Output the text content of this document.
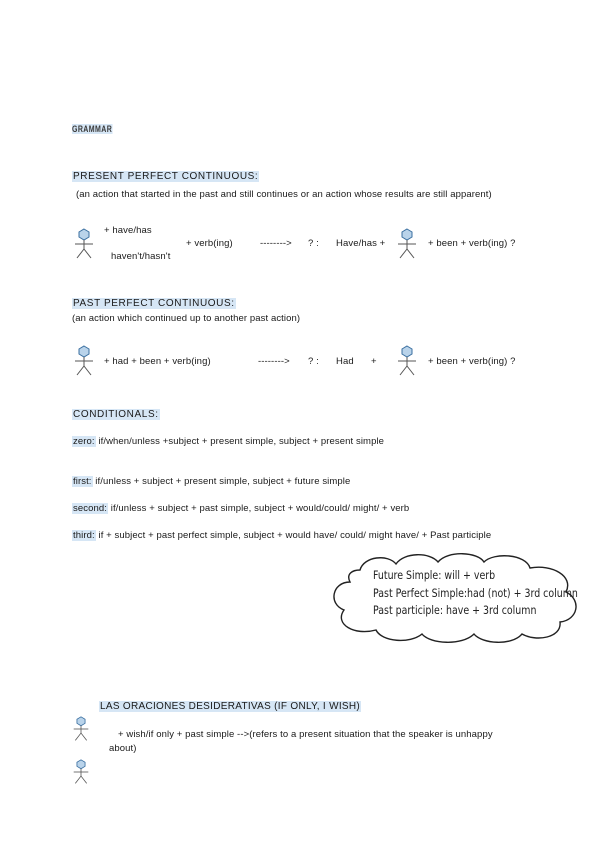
GRAMMAR
PRESENT PERFECT CONTINUOUS:
(an action that started in the past and still continues or an action whose results are still apparent)
+ have/has
haven't/hasn't
+ verb(ing)	--------> ? : Have/has +	+ been + verb(ing) ?
PAST PERFECT CONTINUOUS:
(an action which continued up to another past action)
+ had + been + verb(ing)	--------> ? : Had +	+ been + verb(ing) ?
CONDITIONALS:
zero: if/when/unless +subject + present simple, subject + present simple
first: if/unless + subject + present simple, subject + future simple
second: if/unless + subject + past simple, subject + would/could/ might/ + verb
third: if + subject + past perfect simple, subject + would have/ could/ might have/ + Past participle
Future Simple: will + verb
Past Perfect Simple:had (not) + 3rd column
Past participle: have + 3rd column
LAS ORACIONES DESIDERATIVAS (IF ONLY, I WISH)
+ wish/if only + past simple -->(refers to a present situation that the speaker is unhappy
about)
